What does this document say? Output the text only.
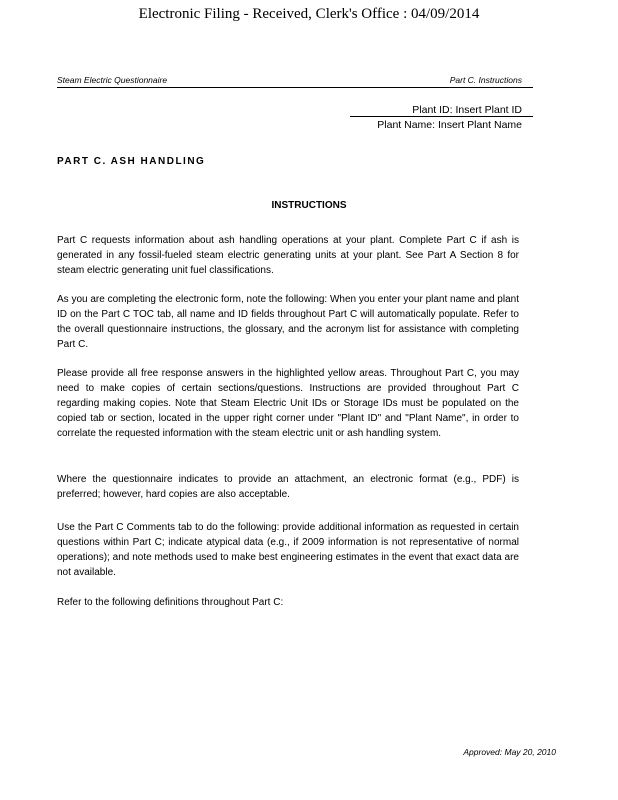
Electronic Filing - Received, Clerk's Office : 04/09/2014
Steam Electric Questionnaire	Part C. Instructions
Plant ID: Insert Plant ID
Plant Name: Insert Plant Name
PART C. ASH HANDLING
INSTRUCTIONS

Part C requests information about ash handling operations at your plant. Complete Part C if ash is generated in any fossil-fueled steam electric generating units at your plant. See Part A Section 8 for steam electric generating unit fuel classifications.

As you are completing the electronic form, note the following: When you enter your plant name and plant ID on the Part C TOC tab, all name and ID fields throughout Part C will automatically populate. Refer to the overall questionnaire instructions, the glossary, and the acronym list for assistance with completing Part C.

Please provide all free response answers in the highlighted yellow areas. Throughout Part C, you may need to make copies of certain sections/questions. Instructions are provided throughout Part C regarding making copies. Note that Steam Electric Unit IDs or Storage IDs must be populated on the copied tab or section, located in the upper right corner under "Plant ID" and "Plant Name", in order to correlate the requested information with the steam electric unit or ash handling system.

Where the questionnaire indicates to provide an attachment, an electronic format (e.g., PDF) is preferred; however, hard copies are also acceptable.

Use the Part C Comments tab to do the following: provide additional information as requested in certain questions within Part C; indicate atypical data (e.g., if 2009 information is not representative of normal operations); and note methods used to make best engineering estimates in the event that exact data are not available.

Refer to the following definitions throughout Part C:

Approved: May 20, 2010
